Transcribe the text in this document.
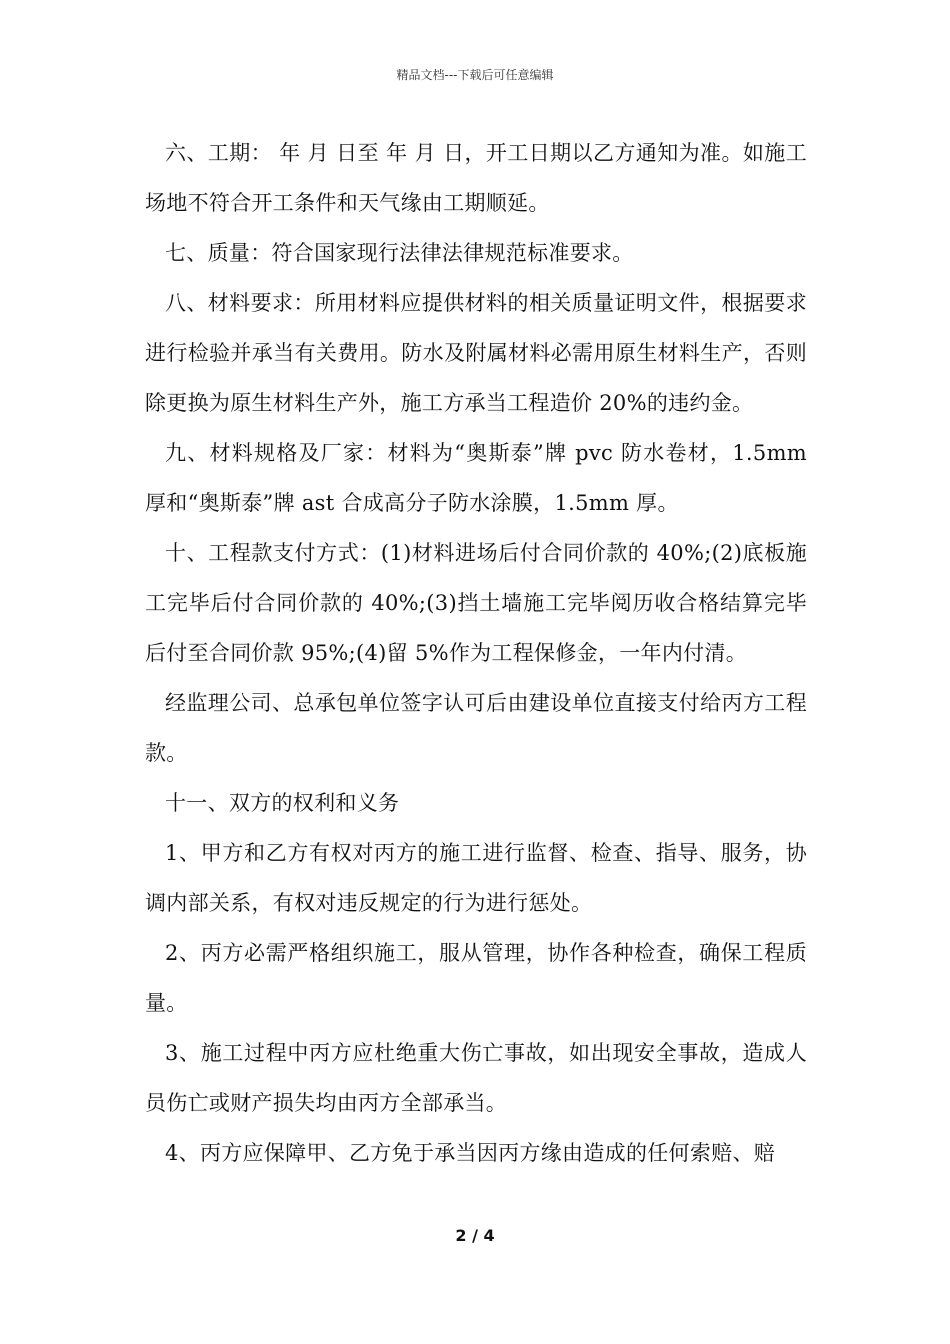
精品文档---下载后可任意编辑

六、工期： 年 月 日至 年 月 日，开工日期以乙方通知为准。如施工场地不符合开工条件和天气缘由工期顺延。

七、质量：符合国家现行法律法律规范标准要求。

八、材料要求：所用材料应提供材料的相关质量证明文件，根据要求进行检验并承当有关费用。防水及附属材料必需用原生材料生产，否则除更换为原生材料生产外，施工方承当工程造价 20%的违约金。

九、材料规格及厂家：材料为“奥斯泰”牌 pvc 防水卷材，1.5mm 厚和“奥斯泰”牌 ast 合成高分子防水涂膜，1.5mm 厚。

十、工程款支付方式：(1)材料进场后付合同价款的 40%;(2)底板施工完毕后付合同价款的 40%;(3)挡土墙施工完毕阅历收合格结算完毕后付至合同价款 95%;(4)留 5%作为工程保修金，一年内付清。

经监理公司、总承包单位签字认可后由建设单位直接支付给丙方工程款。

十一、双方的权利和义务

1、甲方和乙方有权对丙方的施工进行监督、检查、指导、服务，协调内部关系，有权对违反规定的行为进行惩处。

2、丙方必需严格组织施工，服从管理，协作各种检查，确保工程质量。

3、施工过程中丙方应杜绝重大伤亡事故，如出现安全事故，造成人员伤亡或财产损失均由丙方全部承当。

4、丙方应保障甲、乙方免于承当因丙方缘由造成的任何索赔、赔

2 / 4
